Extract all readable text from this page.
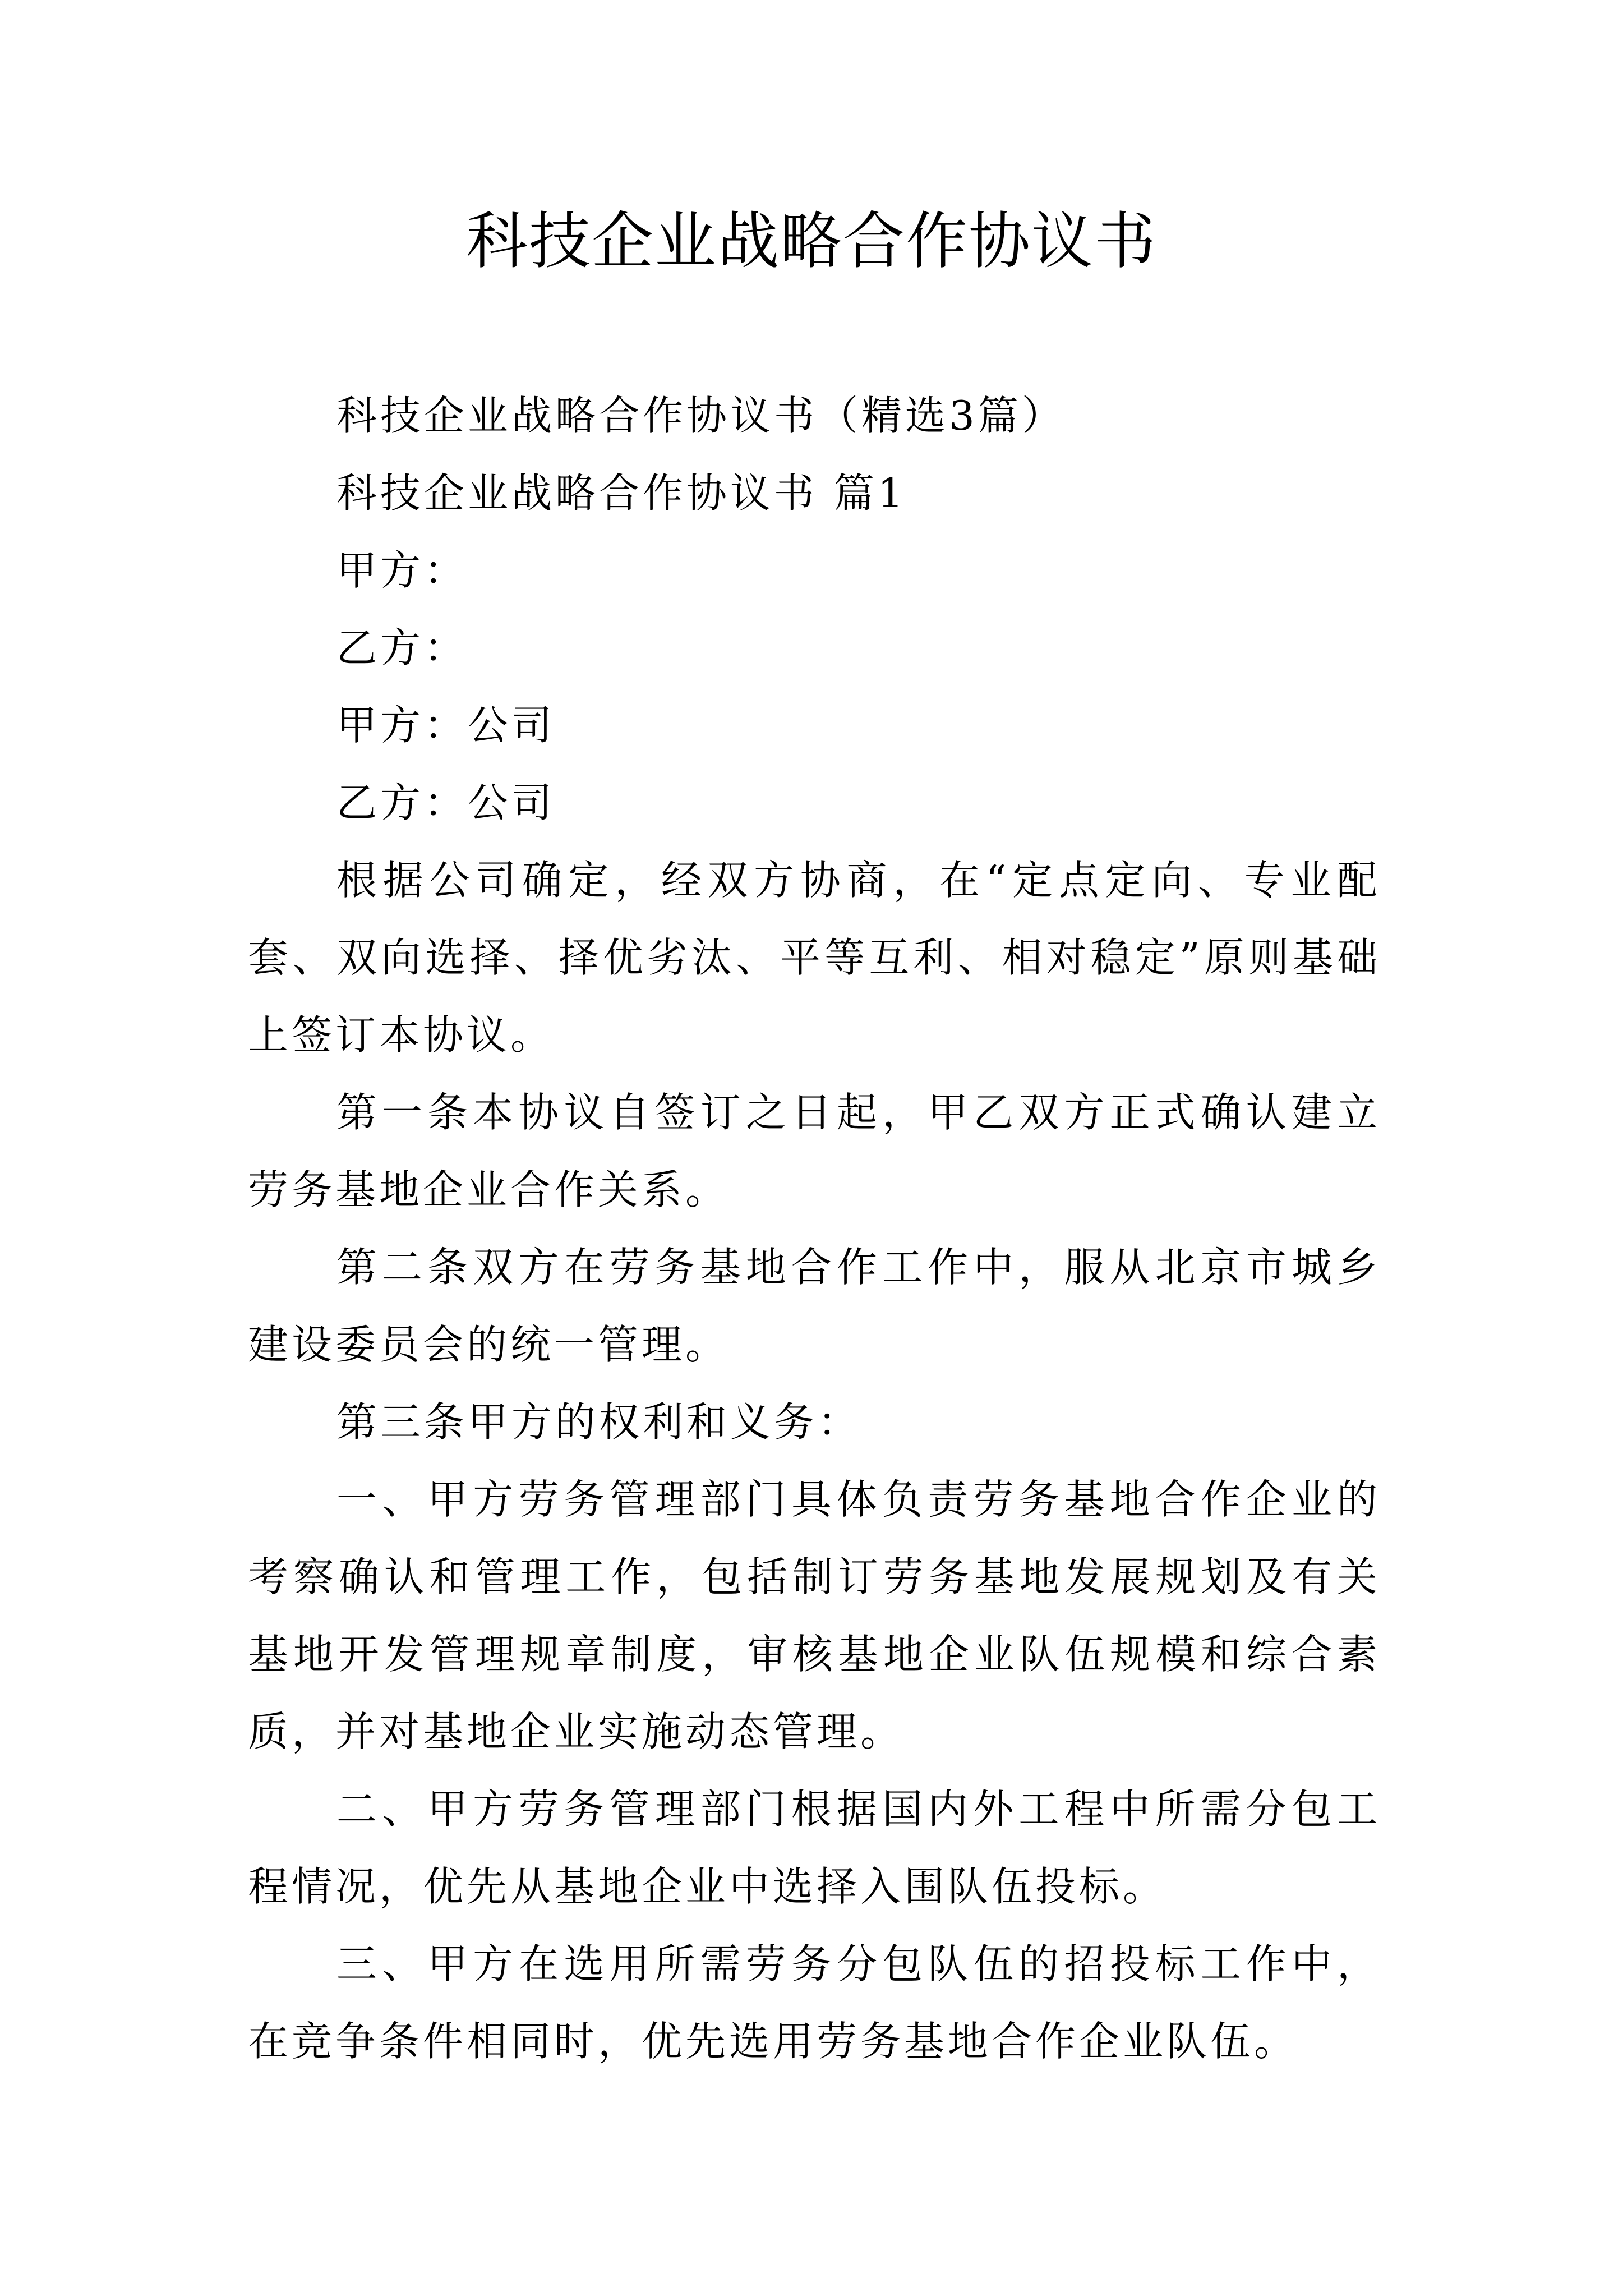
科技企业战略合作协议书

科技企业战略合作协议书（精选3篇）

科技企业战略合作协议书 篇1

甲方：

乙方：

甲方：公司

乙方：公司

根据公司确定，经双方协商，在“定点定向、专业配套、双向选择、择优劣汰、平等互利、相对稳定”原则基础上签订本协议。

第一条本协议自签订之日起，甲乙双方正式确认建立劳务基地企业合作关系。

第二条双方在劳务基地合作工作中，服从北京市城乡建设委员会的统一管理。

第三条甲方的权利和义务：

一、甲方劳务管理部门具体负责劳务基地合作企业的考察确认和管理工作，包括制订劳务基地发展规划及有关基地开发管理规章制度，审核基地企业队伍规模和综合素质，并对基地企业实施动态管理。

二、甲方劳务管理部门根据国内外工程中所需分包工程情况，优先从基地企业中选择入围队伍投标。

三、甲方在选用所需劳务分包队伍的招投标工作中，在竞争条件相同时，优先选用劳务基地合作企业队伍。
